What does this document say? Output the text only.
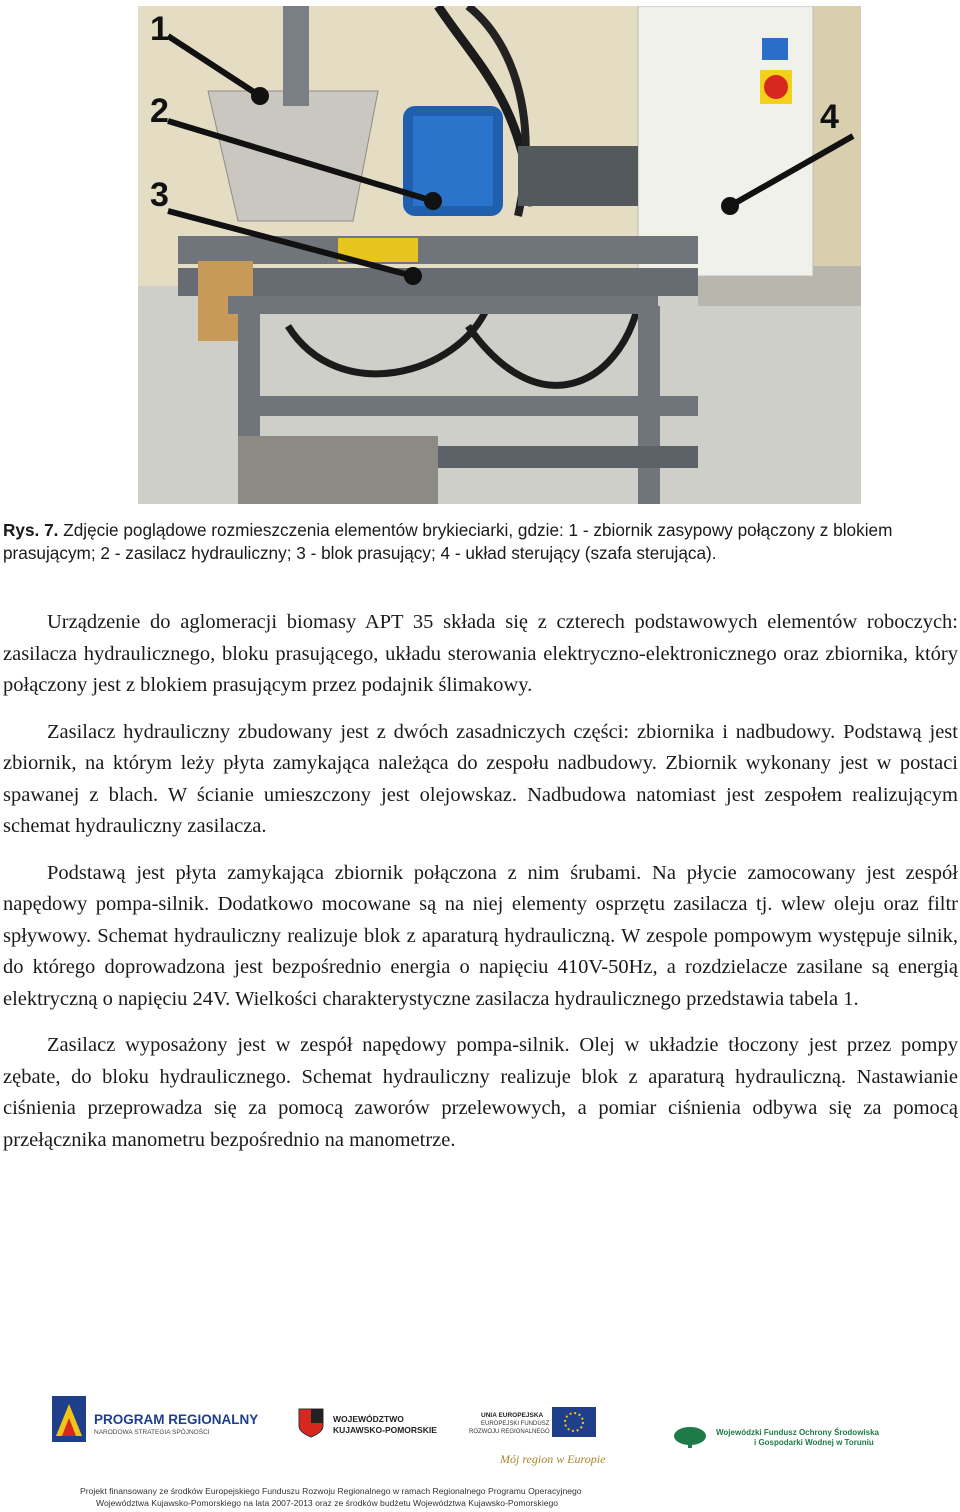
1
2
3
4
Rys. 7. Zdjęcie poglądowe rozmieszczenia elementów brykieciarki, gdzie: 1 - zbiornik zasypowy połączony z blokiem prasującym; 2 - zasilacz hydrauliczny; 3 - blok prasujący; 4 - układ sterujący (szafa sterująca).

Urządzenie do aglomeracji biomasy APT 35 składa się z czterech podstawowych elementów roboczych: zasilacza hydraulicznego, bloku prasującego, układu sterowania elektryczno-elektronicznego oraz zbiornika, który połączony jest z blokiem prasującym przez podajnik ślimakowy.

Zasilacz hydrauliczny zbudowany jest z dwóch zasadniczych części: zbiornika i nadbudowy. Podstawą jest zbiornik, na którym leży płyta zamykająca należąca do zespołu nadbudowy. Zbiornik wykonany jest w postaci spawanej z blach. W ścianie umieszczony jest olejowskaz. Nadbudowa natomiast jest zespołem realizującym schemat hydrauliczny zasilacza.

Podstawą jest płyta zamykająca zbiornik połączona z nim śrubami. Na płycie zamocowany jest zespół napędowy pompa-silnik. Dodatkowo mocowane są na niej elementy osprzętu zasilacza tj. wlew oleju oraz filtr spływowy. Schemat hydrauliczny realizuje blok z aparaturą hydrauliczną. W zespole pompowym występuje silnik, do którego doprowadzona jest bezpośrednio energia o napięciu 410V-50Hz, a rozdzielacze zasilane są energią elektryczną o napięciu 24V. Wielkości charakterystyczne zasilacza hydraulicznego przedstawia tabela 1.

Zasilacz wyposażony jest w zespół napędowy pompa-silnik. Olej w układzie tłoczony jest przez pompy zębate, do bloku hydraulicznego. Schemat hydrauliczny realizuje blok z aparaturą hydrauliczną. Nastawianie ciśnienia przeprowadza się za pomocą zaworów przelewowych, a pomiar ciśnienia odbywa się za pomocą przełącznika manometru bezpośrednio na manometrze.

PROGRAM REGIONALNY
NARODOWA STRATEGIA SPÓJNOŚCI
WOJEWÓDZTWO
KUJAWSKO-POMORSKIE
UNIA EUROPEJSKA
EUROPEJSKI FUNDUSZ
ROZWOJU REGIONALNEGO
Mój region w Europie
Wojewódzki Fundusz Ochrony Środowiska
i Gospodarki Wodnej w Toruniu
Projekt finansowany ze środków Europejskiego Funduszu Rozwoju Regionalnego w ramach Regionalnego Programu Operacyjnego
Województwa Kujawsko-Pomorskiego na lata 2007-2013 oraz ze środków budżetu Województwa Kujawsko-Pomorskiego
